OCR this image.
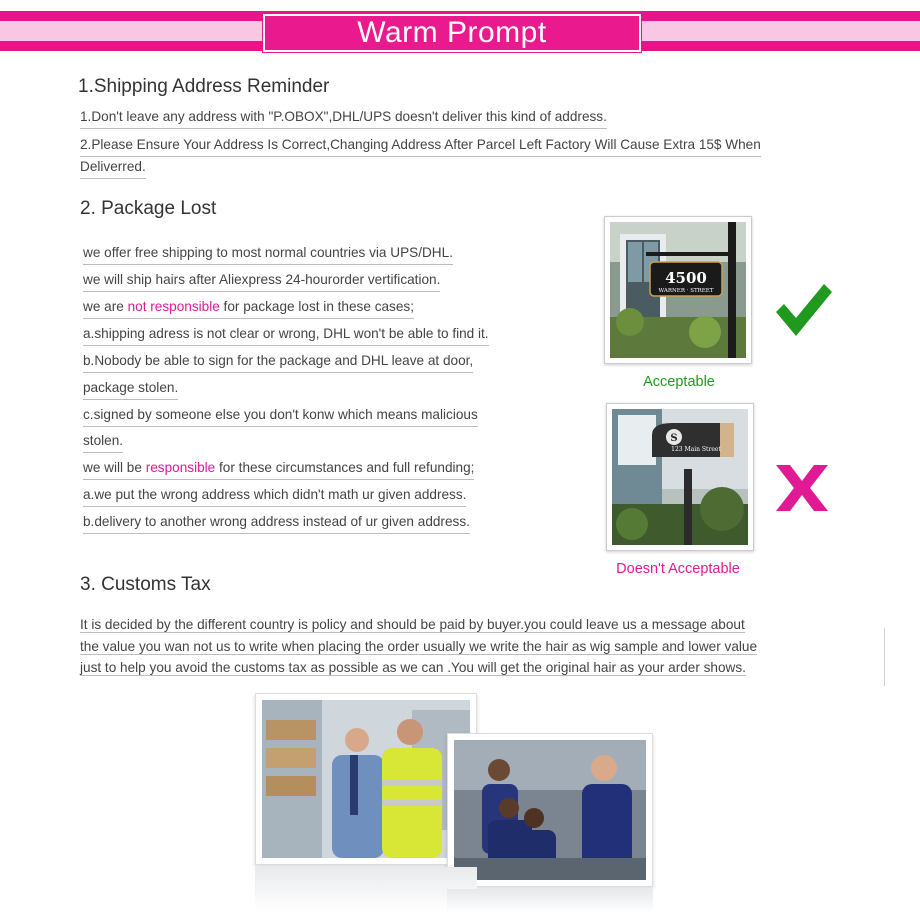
Warm Prompt
1.Shipping Address Reminder
1.Don't leave any address with "P.OBOX",DHL/UPS doesn't deliver this kind of address.
2.Please Ensure Your Address Is Correct,Changing Address After Parcel Left Factory Will Cause Extra 15$ When
Deliverred.
2. Package Lost
we offer free shipping to most normal countries via UPS/DHL.
we will ship hairs after Aliexpress 24-hourorder vertification.
we are not responsible for package lost in these cases;
a.shipping adress is not clear or wrong, DHL won't be able to find it.
b.Nobody be able to sign for the package and DHL leave at door,
package stolen.
c.signed by someone else you don't konw which means malicious
stolen.
we will be responsible for these circumstances and full refunding;
a.we put the wrong address which didn't math ur given address.
b.delivery to another wrong address instead of ur given address.
4500
WARNER · STREET
Acceptable
S
123 Main Street
Doesn't Acceptable
3. Customs Tax
It is decided by the different country is policy and should be paid by buyer.you could leave us a message about
the value you wan not us to write when placing the order usually we write the hair as wig sample and lower value
just to help you avoid the customs tax as possible as we can .You will get the original hair as your arder shows.
